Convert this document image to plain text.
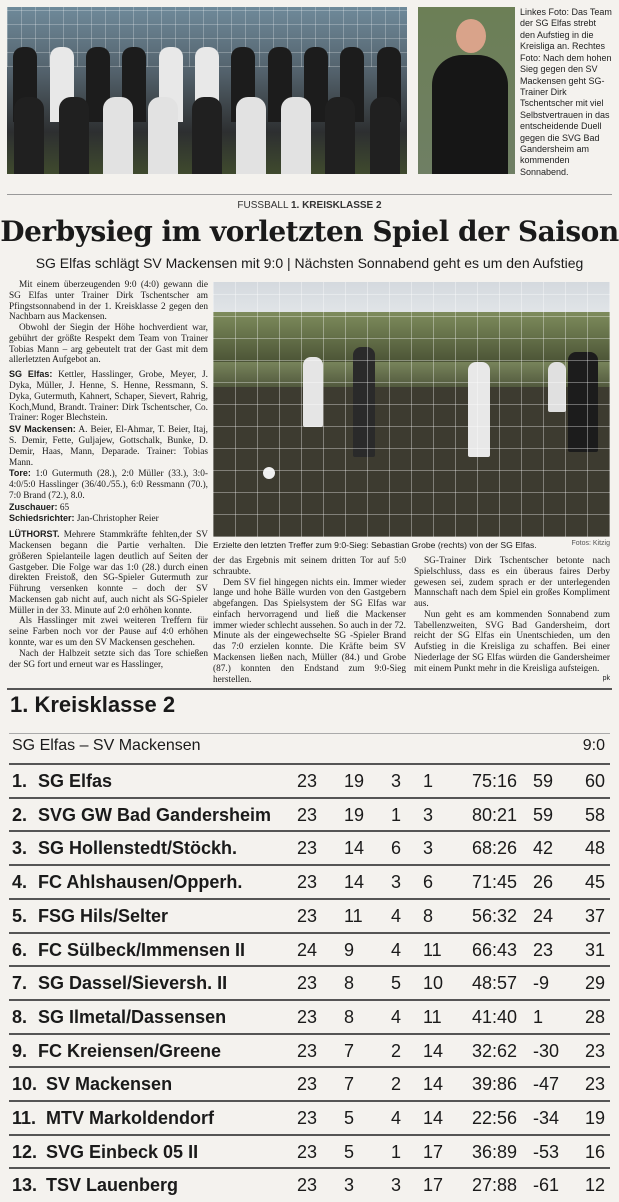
Linkes Foto: Das Team der SG Elfas strebt den Aufstieg in die Kreisliga an. Rechtes Foto: Nach dem hohen Sieg gegen den SV Mackensen geht SG-Trainer Dirk Tschentscher mit viel Selbstvertrauen in das entscheidende Duell gegen die SVG Bad Gandersheim am kommenden Sonnabend.
FUSSBALL 1. KREISKLASSE 2
Derbysieg im vorletzten Spiel der Saison
SG Elfas schlägt SV Mackensen mit 9:0 | Nächsten Sonnabend geht es um den Aufstieg

Mit einem überzeugenden 9:0 (4:0) gewann die SG Elfas unter Trainer Dirk Tschentscher am Pfingstsonnabend in der 1. Kreisklasse 2 gegen den Nachbarn aus Mackensen.

Obwohl der Siegin der Höhe hochverdient war, gebührt der größte Respekt dem Team von Trainer Tobias Mann – arg gebeutelt trat der Gast mit dem allerletzten Aufgebot an.

SG Elfas: Kettler, Hasslinger, Grobe, Meyer, J. Dyka, Müller, J. Henne, S. Henne, Ressmann, S. Dyka, Gutermuth, Kahnert, Schaper, Sievert, Rahrig, Koch,Mund, Brandt. Trainer: Dirk Tschentscher, Co. Trainer: Roger Blechstein.

SV Mackensen: A. Beier, El-Ahmar, T. Beier, Itaj, S. Demir, Fette, Guljajew, Gottschalk, Bunke, D. Demir, Haas, Mann, Deparade. Trainer: Tobias Mann.

Tore: 1:0 Gutermuth (28.), 2:0 Müller (33.), 3:0-4:0/5:0 Hasslinger (36/40./55.), 6:0 Ressmann (70.), 7:0 Brand (72.), 8.0.

Zuschauer: 65

Schiedsrichter: Jan-Christopher Reier

LÜTHORST. Mehrere Stammkräfte fehlten,der SV Mackensen begann die Partie verhalten. Die größeren Spielanteile lagen deutlich auf Seiten der Gastgeber. Die Folge war das 1:0 (28.) durch einen direkten Freistoß, den SG-Spieler Gutermuth zur Führung versenken konnte – doch der SV Mackensen gab nicht auf, auch nicht als SG-Spieler Müller in der 33. Minute auf 2:0 erhöhen konnte.

Als Hasslinger mit zwei weiteren Treffern für seine Farben noch vor der Pause auf 4:0 erhöhen konnte, war es um den SV Mackensen geschehen.

Nach der Halbzeit setzte sich das Tore schießen der SG fort und erneut war es Hasslinger,

Erzielte den letzten Treffer zum 9:0-Sieg: Sebastian Grobe (rechts) von der SG Elfas.	Fotos: Kitzig

der das Ergebnis mit seinem dritten Tor auf 5:0 schraubte.

Dem SV fiel hingegen nichts ein. Immer wieder lange und hohe Bälle wurden von den Gastgebern abgefangen. Das Spielsystem der SG Elfas war einfach hervorragend und ließ die Mackenser immer wieder schlecht aussehen. So auch in der 72. Minute als der eingewechselte SG -Spieler Brand das 7:0 erzielen konnte. Die Kräfte beim SV Mackensen ließen nach, Müller (84.) und Grobe (87.) konnten den Endstand zum 9:0-Sieg herstellen.

SG-Trainer Dirk Tschentscher betonte nach Spielschluss, dass es ein überaus faires Derby gewesen sei, zudem sprach er der unterlegenden Mannschaft nach dem Spiel ein großes Kompliment aus.

Nun geht es am kommenden Sonnabend zum Tabellenzweiten, SVG Bad Gandersheim, dort reicht der SG Elfas ein Unentschieden, um den Aufstieg in die Kreisliga zu schaffen. Bei einer Niederlage der SG Elfas würden die Gandersheimer mit einem Punkt mehr in die Kreisliga aufsteigen.

pk
1. Kreisklasse 2
SG Elfas – SV Mackensen	9:0
1. SG Elfas	23 19 3 1 75:16 59 60
2. SVG GW Bad Gandersheim 23 19 1 3 80:21 59 58
3. SG Hollenstedt/Stöckh.	23 14 6 3 68:26 42 48
4. FC Ahlshausen/Opperh.	23 14 3 6 71:45 26 45
5. FSG Hils/Selter	23 11 4 8 56:32 24 37
6. FC Sülbeck/Immensen II	24 9 4 11 66:43 23 31
7. SG Dassel/Sieversh. II	23 8 5 10 48:57 -9 29
8. SG Ilmetal/Dassensen	23 8 4 11 41:40 1 28
9. FC Kreiensen/Greene	23 7 2 14 32:62 -30 23
10. SV Mackensen	23 7 2 14 39:86 -47 23
11. MTV Markoldendorf	23 5 4 14 22:56 -34 19
12. SVG Einbeck 05 II	23 5 1 17 36:89 -53 16
13. TSV Lauenberg	23 3 3 17 27:88 -61 12
